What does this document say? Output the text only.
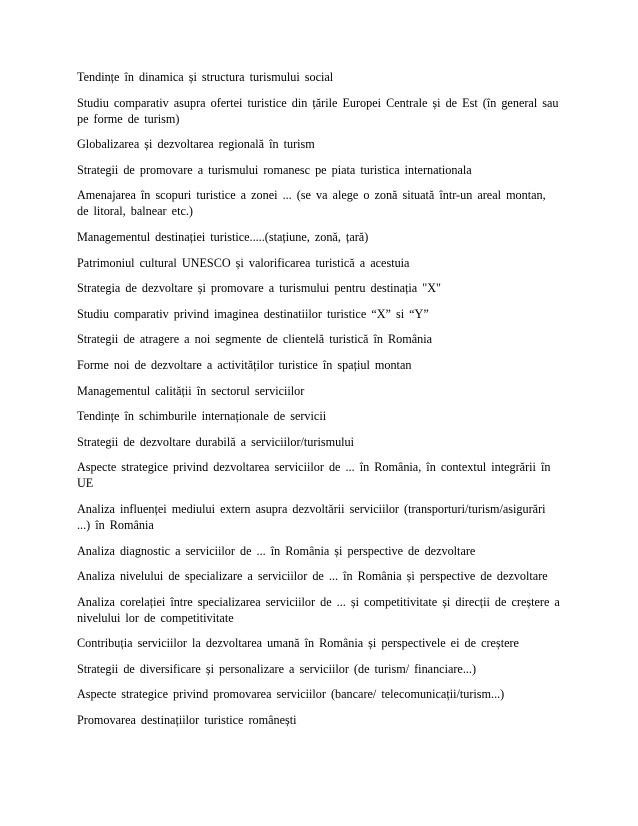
Tendințe în dinamica și structura turismului social
Studiu comparativ asupra ofertei turistice din țările Europei Centrale și de Est (în general sau pe forme de turism)
Globalizarea și dezvoltarea regională în turism
Strategii de promovare a turismului romanesc pe piata turistica internationala
Amenajarea în scopuri turistice a zonei ... (se va alege o zonă situată într-un areal montan, de litoral, balnear etc.)
Managementul destinației turistice.....(stațiune, zonă, țară)
Patrimoniul cultural UNESCO și valorificarea turistică a acestuia
Strategia de dezvoltare și promovare a turismului pentru destinația "X"
Studiu comparativ privind imaginea destinatiilor turistice “X” si “Y”
Strategii de atragere a noi segmente de clientelă turistică în România
Forme noi de dezvoltare a activităților turistice în spațiul montan
Managementul calității în sectorul serviciilor
Tendințe în schimburile internaționale de servicii
Strategii de dezvoltare durabilă a serviciilor/turismului
Aspecte strategice privind dezvoltarea serviciilor de ... în România, în contextul integrării în UE
Analiza influenței mediului extern asupra dezvoltării serviciilor (transporturi/turism/asigurări ...) în România
Analiza diagnostic a serviciilor de ... în România și perspective de dezvoltare
Analiza nivelului de specializare a serviciilor de ... în România și perspective de dezvoltare
Analiza corelației între specializarea serviciilor de ... și competitivitate și direcții de creștere a nivelului lor de competitivitate
Contribuția serviciilor la dezvoltarea umană în România și perspectivele ei de creștere
Strategii de diversificare și personalizare a serviciilor (de turism/ financiare...)
Aspecte strategice privind promovarea serviciilor (bancare/ telecomunicații/turism...)
Promovarea destinațiilor turistice românești
